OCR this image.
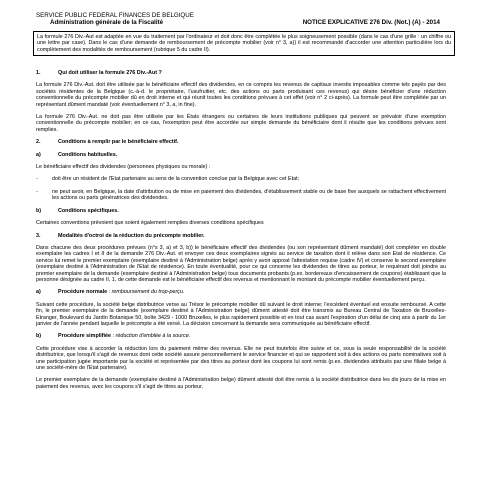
SERVICE PUBLIC FEDERAL FINANCES DE BELGIQUE
Administration générale de la Fiscalité	NOTICE EXPLICATIVE 276 Div. (Not.) (A) - 2014
La formule 276 Div.-Aut est adaptée en vue du traitement par l'ordinateur et doit donc être complétée le plus soigneusement possible (dans le cas d'une grille : un chiffre ou une lettre par case). Dans le cas d'une demande de remboursement de précompte mobilier (voir n° 3, a)) il est recommandé d'accorder une attention particulière lors du complètement des modalités de remboursement (rubrique 5 du cadre II).
1.	Qui doit utiliser la formule 276 Div.-Aut ?

La formule 276 Div.-Aut. doit être utilisée par le bénéficiaire effectif des dividendes, en ce compris les revenus de capitaux investis imposables comme tels payés par des sociétés résidentes de la Belgique (c.-à-d. le propriétaire, l'usufruitier, etc. des actions ou parts produisant ces revenus) qui désire bénéficier d'une réduction conventionnelle du précompte mobilier dû en droit interne et qui réunit toutes les conditions prévues à cet effet (voir n° 2 ci-après). La formule peut être complétée par un représentant dûment mandaté (voir éventuellement n° 3, a, in fine).

La formule 276 Div.-Aut. ne doit pas être utilisée par les États étrangers ou certaines de leurs institutions publiques qui peuvent se prévaloir d'une exemption conventionnelle du précompte mobilier; en ce cas, l'exemption peut être accordée sur simple demande du bénéficiaire dont il résulte que les conditions prévues sont remplies.

2.	Conditions à remplir par le bénéficiaire effectif.
a)	Conditions habituelles.

Le bénéficiaire effectif des dividendes (personnes physiques ou morale) :

-	doit être un résident de l'Etat partenaire au sens de la convention conclue par la Belgique avec cet Etat;
-	ne peut avoir, en Belgique, la date d'attribution ou de mise en paiement des dividendes, d'établissement stable ou de base fixe auxquels se rattachent effectivement les actions ou parts génératrices des dividendes.
b)	Conditions spécifiques.

Certaines conventions prévoient que soient également remplies diverses conditions spécifiques

3.	Modalités d'octroi de la réduction du précompte mobilier.

Dans chacune des deux procédures prévues (n°s 3, a) et 3, b)) le bénéficiaire effectif des dividendes (ou son représentant dûment mandaté) doit compléter en double exemplaire les cadres I et II de la demande 276 Div.-Aut. et envoyer ces deux exemplaires signés au service de taxation dont il relève dans son Etat de résidence. Ce service lui remet le premier exemplaire (exemplaire destiné à l'Administration belge) après y avoir apposé l'attestation requise (cadre IV) et conserve le second exemplaire (exemplaire destiné à l'Administration de l'Etat de résidence). En toute éventualité, pour ce qui concerne les dividendes de titres au porteur, le requérant doit joindre au premier exemplaire de la demande (exemplaire destiné à l'Administration belge) tous documents probants (p.ex. bordereaux d'encaissement de coupons) établissant que la personne désignée au cadre II, 1, de cette demande est le bénéficiaire effectif des revenus et mentionnant le montant du précompte mobilier éventuellement perçu.

a)	Procédure normale : remboursement du trop-perçu.

Suivant cette procédure, la société belge distributrice verse au Trésor le précompte mobilier dû suivant le droit interne; l'excédent éventuel est ensuite remboursé. A cette fin, le premier exemplaire de la demande (exemplaire destiné à l'Administration belge) dûment attesté doit être transmis au Bureau Central de Taxation de Bruxelles-Etranger, Boulevard du Jardin Botanique 50, boîte 3429 - 1000 Bruxelles, le plus rapidement possible et en tout cas avant l'expiration d'un délai de cinq ans à partir du 1er janvier de l'année pendant laquelle le précompte a été versé. La décision concernant la demande sera communiquée au bénéficiaire effectif.

b)	Procédure simplifiée : réduction d'emblée à la source.

Cette procédure vise à accorder la réduction lors du paiement même des revenus. Elle ne peut toutefois être suivie et ce, sous la seule responsabilité de la société distributrice, que lorsqu'il s'agit de revenus dont cette société assure personnellement le service financier et qui se rapportent soit à des actions ou parts nominatives soit à une participation jugée importante par la société et représentée par des titres au porteur dont les coupons lui sont remis (p.ex. dividendes attribués par une filiale belge à une société-mère de l'Etat partenaire).

Le premier exemplaire de la demande (exemplaire destiné à l'Administration belge) dûment attesté doit être remis à la société distributrice dans les dix jours de la mise en paiement des revenus, avec les coupons s'il s'agit de titres au porteur.
